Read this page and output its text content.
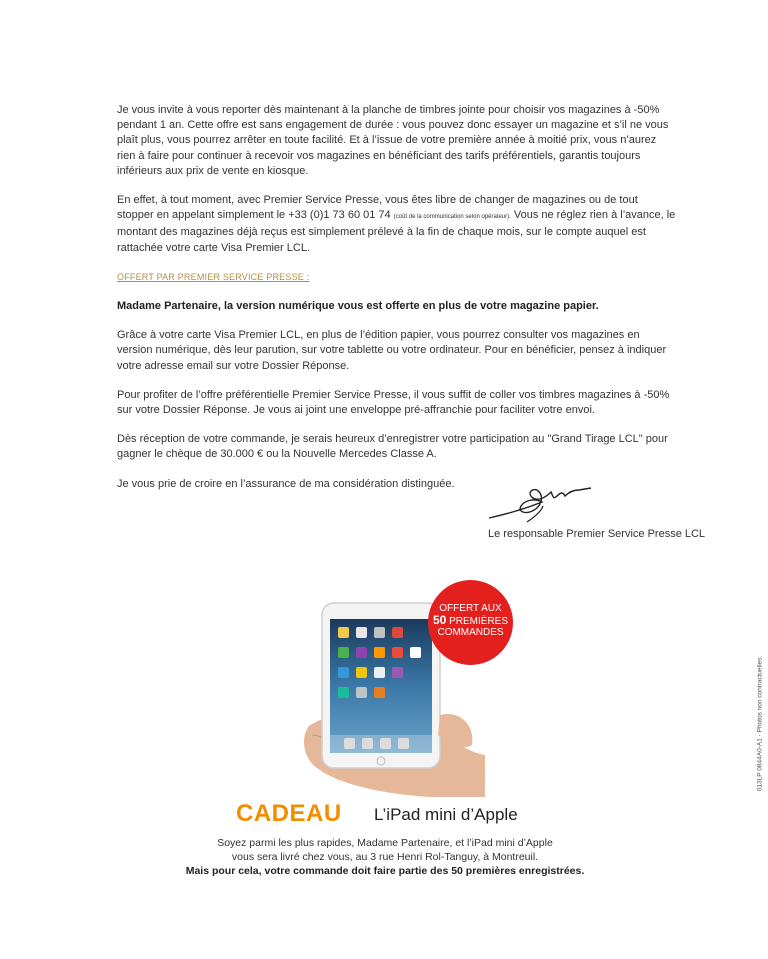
Je vous invite à vous reporter dès maintenant à la planche de timbres jointe pour choisir vos magazines à -50% pendant 1 an. Cette offre est sans engagement de durée : vous pouvez donc essayer un magazine et s’il ne vous plaît plus, vous pourrez arrêter en toute facilité. Et à l’issue de votre première année à moitié prix, vous n’aurez rien à faire pour continuer à recevoir vos magazines en bénéficiant des tarifs préférentiels, garantis toujours inférieurs aux prix de vente en kiosque.

En effet, à tout moment, avec Premier Service Presse, vous êtes libre de changer de magazines ou de tout stopper en appelant simplement le +33 (0)1 73 60 01 74 (coût de la communication selon opérateur). Vous ne réglez rien à l’avance, le montant des magazines déjà reçus est simplement prélevé à la fin de chaque mois, sur le compte auquel est rattachée votre carte Visa Premier LCL.

OFFERT PAR PREMIER SERVICE PRESSE :

Madame Partenaire, la version numérique vous est offerte en plus de votre magazine papier.

Grâce à votre carte Visa Premier LCL, en plus de l’édition papier, vous pourrez consulter vos magazines en version numérique, dès leur parution, sur votre tablette ou votre ordinateur. Pour en bénéficier, pensez à indiquer votre adresse email sur votre Dossier Réponse.

Pour profiter de l’offre préférentielle Premier Service Presse, il vous suffit de coller vos timbres magazines à -50% sur votre Dossier Réponse. Je vous ai joint une enveloppe pré-affranchie pour faciliter votre envoi.

Dès réception de votre commande, je serais heureux d’enregistrer votre participation au "Grand Tirage LCL" pour gagner le chèque de 30.000 € ou la Nouvelle Mercedes Classe A.

Je vous prie de croire en l’assurance de ma considération distinguée.

Le responsable Premier Service Presse LCL
OFFERT AUX
50 PREMIÈRES
COMMANDES
CADEAU L’iPad mini d’Apple
Soyez parmi les plus rapides, Madame Partenaire, et l’iPad mini d’Apple
vous sera livré chez vous, au 3 rue Henri Rol-Tanguy, à Montreuil.
Mais pour cela, votre commande doit faire partie des 50 premières enregistrées.
013LP 0844A0-A1 - Photos non contractuelles.
